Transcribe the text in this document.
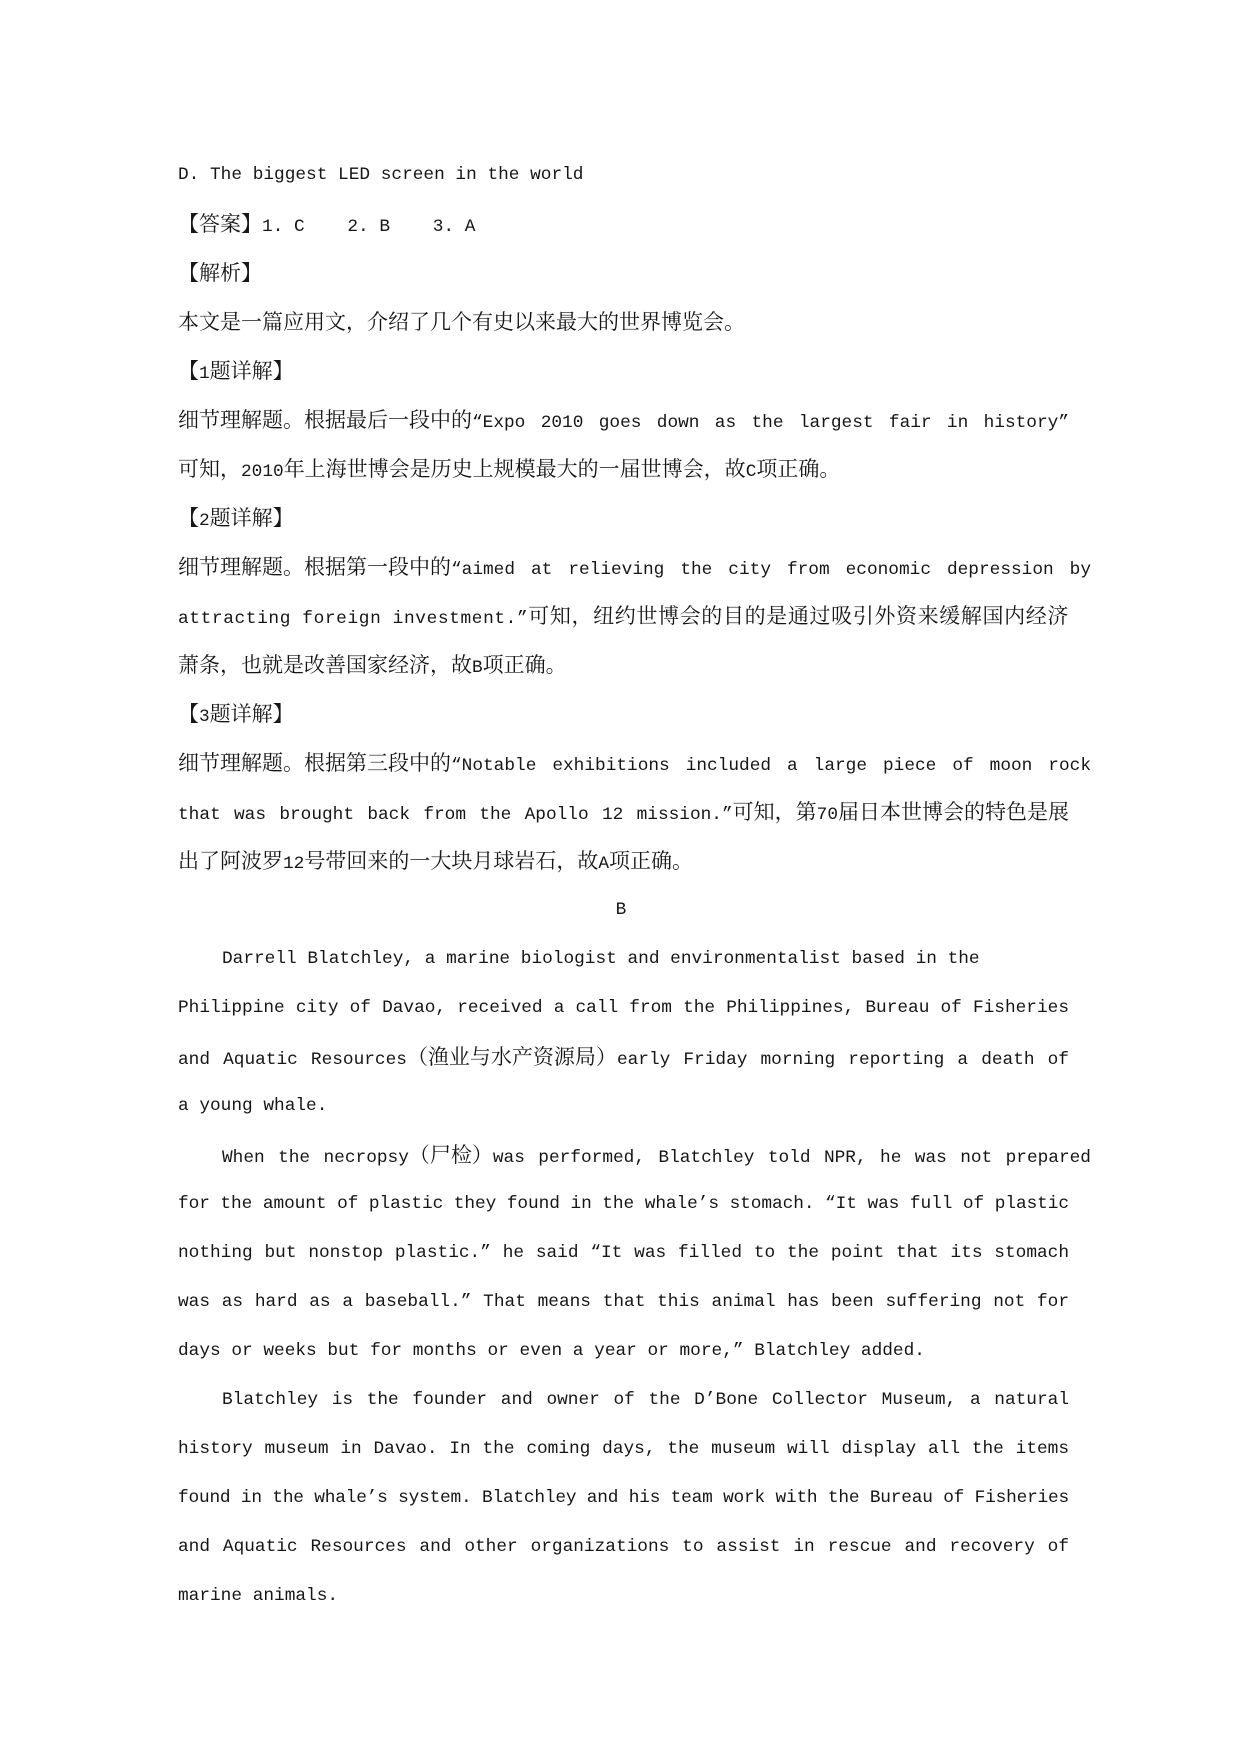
D. The biggest LED screen in the world
【答案】1. C    2. B    3. A
【解析】
本文是一篇应用文，介绍了几个有史以来最大的世界博览会。
【1题详解】
细节理解题。根据最后一段中的“Expo 2010 goes down as the largest fair in history”
可知，2010年上海世博会是历史上规模最大的一届世博会，故C项正确。
【2题详解】
细节理解题。根据第一段中的“aimed at relieving the city from economic depression by
attracting foreign investment.”可知，纽约世博会的目的是通过吸引外资来缓解国内经济
萧条，也就是改善国家经济，故B项正确。
【3题详解】
细节理解题。根据第三段中的“Notable exhibitions included a large piece of moon rock
that was brought back from the Apollo 12 mission.”可知，第70届日本世博会的特色是展
出了阿波罗12号带回来的一大块月球岩石，故A项正确。
B
Darrell Blatchley, a marine biologist and environmentalist based in the
Philippine city of Davao, received a call from the Philippines, Bureau of Fisheries
and Aquatic Resources（渔业与水产资源局）early Friday morning reporting a death of
a young whale.
When the necropsy（尸检）was performed, Blatchley told NPR, he was not prepared
for the amount of plastic they found in the whale’s stomach. “It was full of plastic
nothing but nonstop plastic.” he said “It was filled to the point that its stomach
was as hard as a baseball.” That means that this animal has been suffering not for
days or weeks but for months or even a year or more,” Blatchley added.
Blatchley is the founder and owner of the D’Bone Collector Museum, a natural
history museum in Davao. In the coming days, the museum will display all the items
found in the whale’s system. Blatchley and his team work with the Bureau of Fisheries
and Aquatic Resources and other organizations to assist in rescue and recovery of
marine animals.
